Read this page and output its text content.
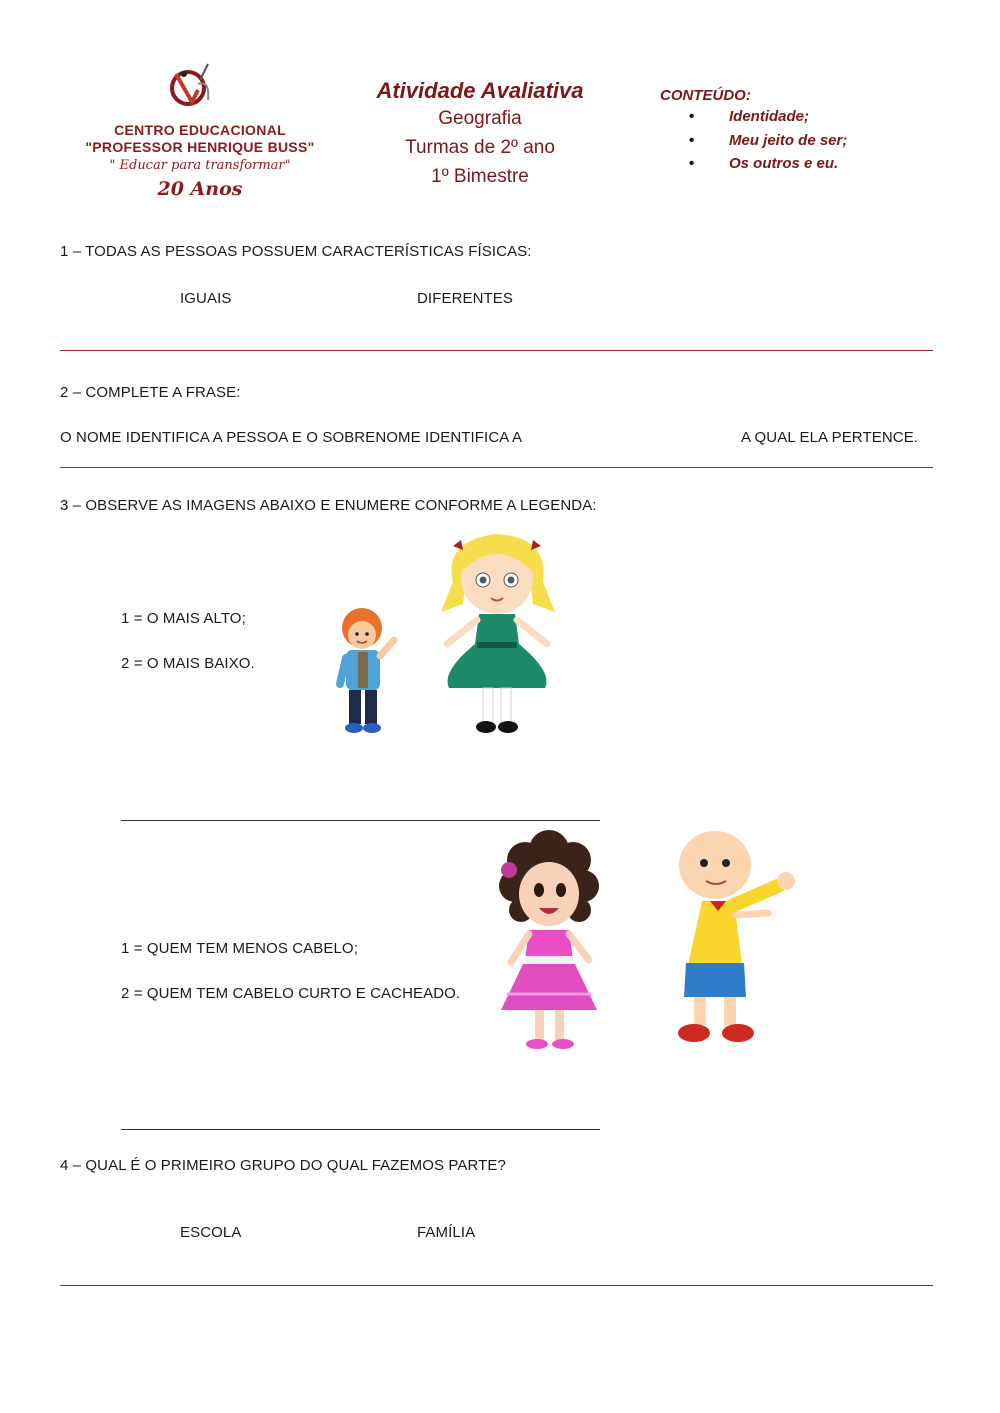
CENTRO EDUCACIONAL
"PROFESSOR HENRIQUE BUSS"
" Educar para transformar"
20 Anos
Atividade Avaliativa
Geografia
Turmas de 2º ano
1º Bimestre
CONTEÚDO:
• Identidade;
• Meu jeito de ser;
• Os outros e eu.
1 – TODAS AS PESSOAS POSSUEM CARACTERÍSTICAS FÍSICAS:
IGUAIS	DIFERENTES
2 – COMPLETE A FRASE:
O NOME IDENTIFICA A PESSOA E O SOBRENOME IDENTIFICA A	A QUAL ELA PERTENCE.
3 – OBSERVE AS IMAGENS ABAIXO E ENUMERE CONFORME A LEGENDA:
1 = O MAIS ALTO;
2 = O MAIS BAIXO.
1 = QUEM TEM MENOS CABELO;
2 = QUEM TEM CABELO CURTO E CACHEADO.
4 – QUAL É O PRIMEIRO GRUPO DO QUAL FAZEMOS PARTE?
ESCOLA	FAMÍLIA
